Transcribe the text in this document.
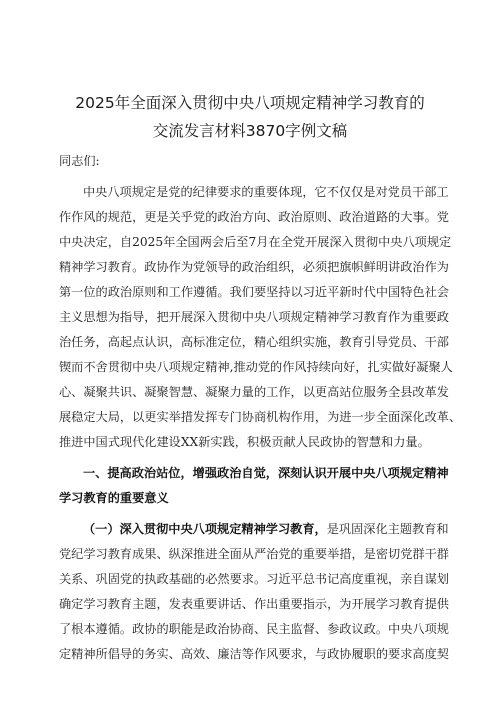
2025年全面深入贯彻中央八项规定精神学习教育的
交流发言材料3870字例文稿
同志们:
中央八项规定是党的纪律要求的重要体现，它不仅仅是对党员干部工
作作风的规范，更是关乎党的政治方向、政治原则、政治道路的大事。党
中央决定，自2025年全国两会后至7月在全党开展深入贯彻中央八项规定
精神学习教育。政协作为党领导的政治组织，必须把旗帜鲜明讲政治作为
第一位的政治原则和工作遵循。我们要坚持以习近平新时代中国特色社会
主义思想为指导，把开展深入贯彻中央八项规定精神学习教育作为重要政
治任务，高起点认识，高标准定位，精心组织实施，教育引导党员、干部
锲而不舍贯彻中央八项规定精神,推动党的作风持续向好，扎实做好凝聚人
心、凝聚共识、凝聚智慧、凝聚力量的工作，以更高站位服务全县改革发
展稳定大局，以更实举措发挥专门协商机构作用，为进一步全面深化改革、
推进中国式现代化建设XX新实践，积极贡献人民政协的智慧和力量。
一、提高政治站位，增强政治自觉，深刻认识开展中央八项规定精神
学习教育的重要意义
（一）深入贯彻中央八项规定精神学习教育，是巩固深化主题教育和
党纪学习教育成果、纵深推进全面从严治党的重要举措，是密切党群干群
关系、巩固党的执政基础的必然要求。习近平总书记高度重视，亲自谋划
确定学习教育主题，发表重要讲话、作出重要指示，为开展学习教育提供
了根本遵循。政协的职能是政治协商、民主监督、参政议政。中央八项规
定精神所倡导的务实、高效、廉洁等作风要求，与政协履职的要求高度契
